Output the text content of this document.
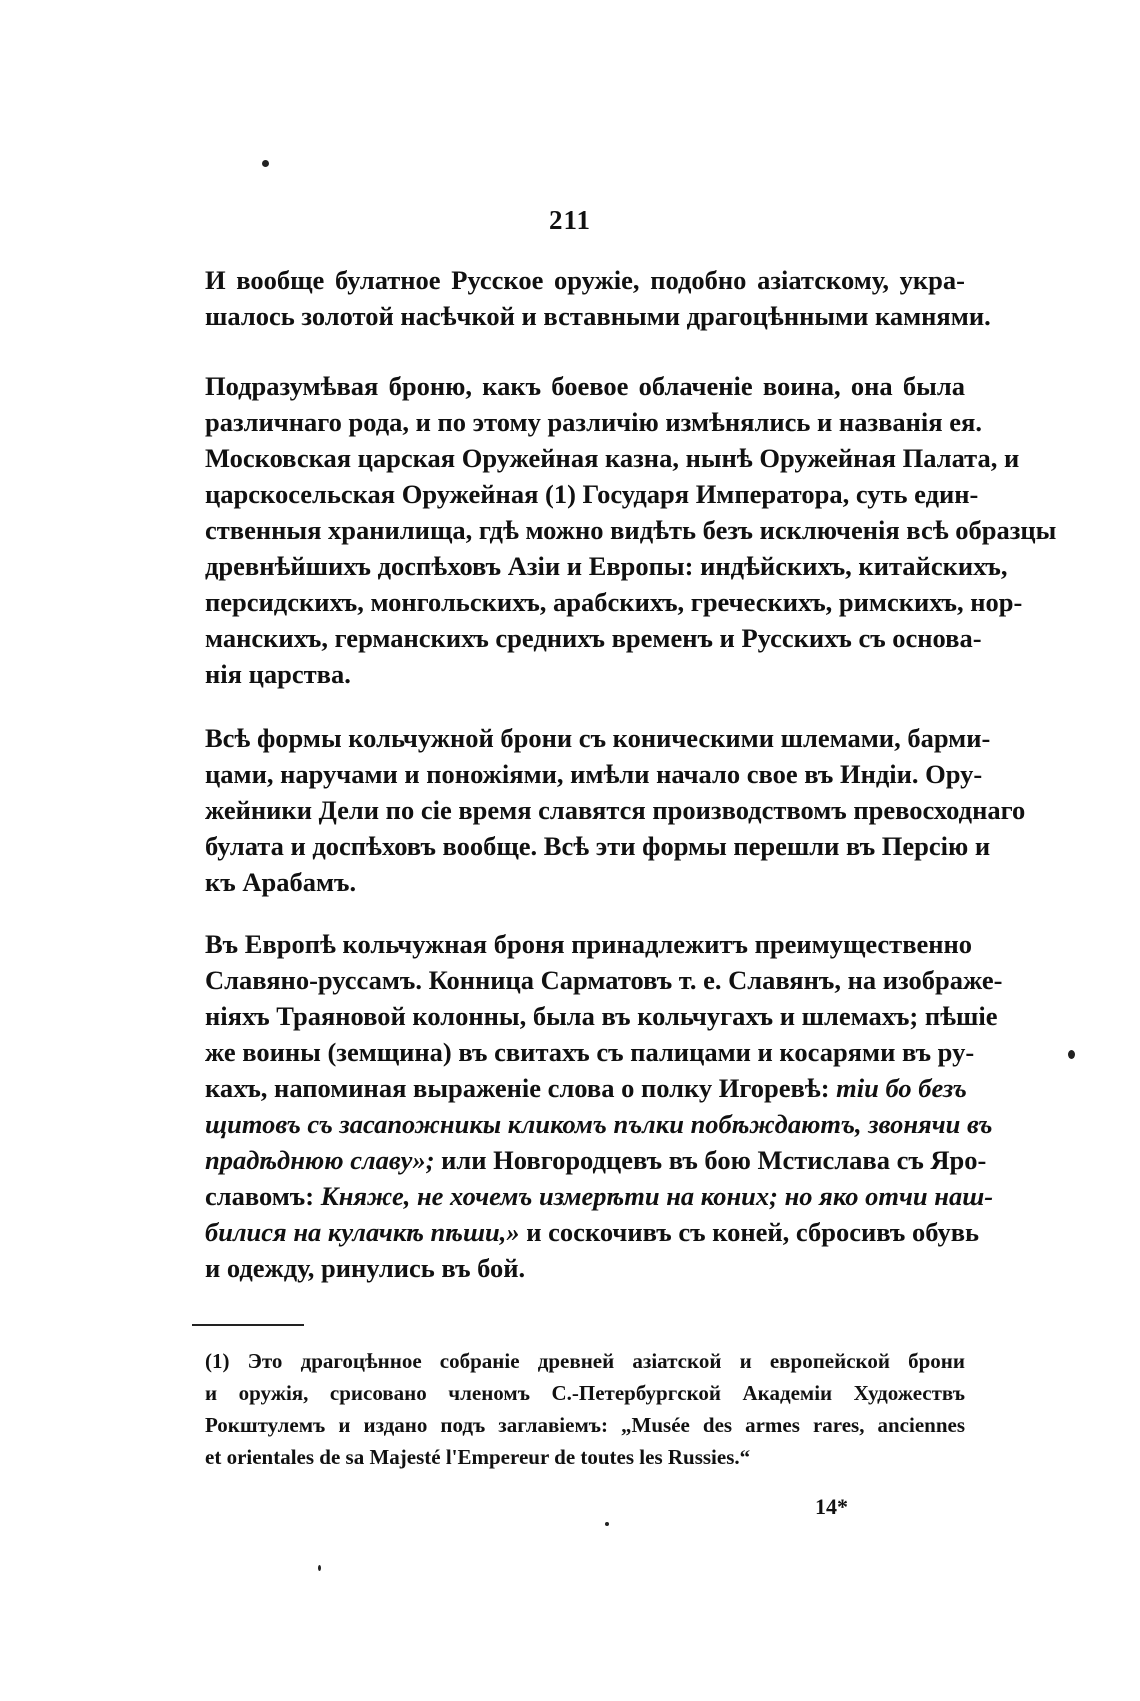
211

И вообще булатное Русское оружіе, подобно азіатскому, укра-
шалось золотой насѣчкой и вставными драгоцѣнными камнями.

Подразумѣвая броню, какъ боевое облаченіе воина, она была
различнаго рода, и по этому различію измѣнялись и названія ея.
Московская царская Оружейная казна, нынѣ Оружейная Палата, и
царскосельская Оружейная (1) Государя Императора, суть един-
ственныя хранилища, гдѣ можно видѣть безъ исключенія всѣ образцы
древнѣйшихъ доспѣховъ Азіи и Европы: индѣйскихъ, китайскихъ,
персидскихъ, монгольскихъ, арабскихъ, греческихъ, римскихъ, нор-
манскихъ, германскихъ среднихъ временъ и Русскихъ съ основа-
нія царства.

Всѣ формы кольчужной брони съ коническими шлемами, барми-
цами, наручами и поножіями, имѣли начало свое въ Индіи. Ору-
жейники Дели по сіе время славятся производствомъ превосходнаго
булата и доспѣховъ вообще. Всѣ эти формы перешли въ Персію и
къ Арабамъ.

Въ Европѣ кольчужная броня принадлежитъ преимущественно
Славяно-руссамъ. Конница Сарматовъ т. е. Славянъ, на изображе-
ніяхъ Траяновой колонны, была въ кольчугахъ и шлемахъ; пѣшіе
же воины (земщина) въ свитахъ съ палицами и косарями въ ру-
кахъ, напоминая выраженіе слова о полку Игоревѣ: тіи бо безъ
щитовъ съ засапожникы кликомъ пълки побѣждаютъ, звонячи въ
прадѣднюю славу»; или Новгородцевъ въ бою Мстислава съ Яро-
славомъ: Княже, не хочемъ измерѣти на коних; но яко отчи наш-
билися на кулачкѣ пѣши,» и соскочивъ съ коней, сбросивъ обувь
и одежду, ринулись въ бой.

(1) Это драгоцѣнное собраніе древней азіатской и европейской брони
и оружія, срисовано членомъ С.-Петербургской Академіи Художествъ
Рокштулемъ и издано подъ заглавіемъ: „Musée des armes rares, anciennes
et orientales de sa Majesté l'Empereur de toutes les Russies.“
14*
